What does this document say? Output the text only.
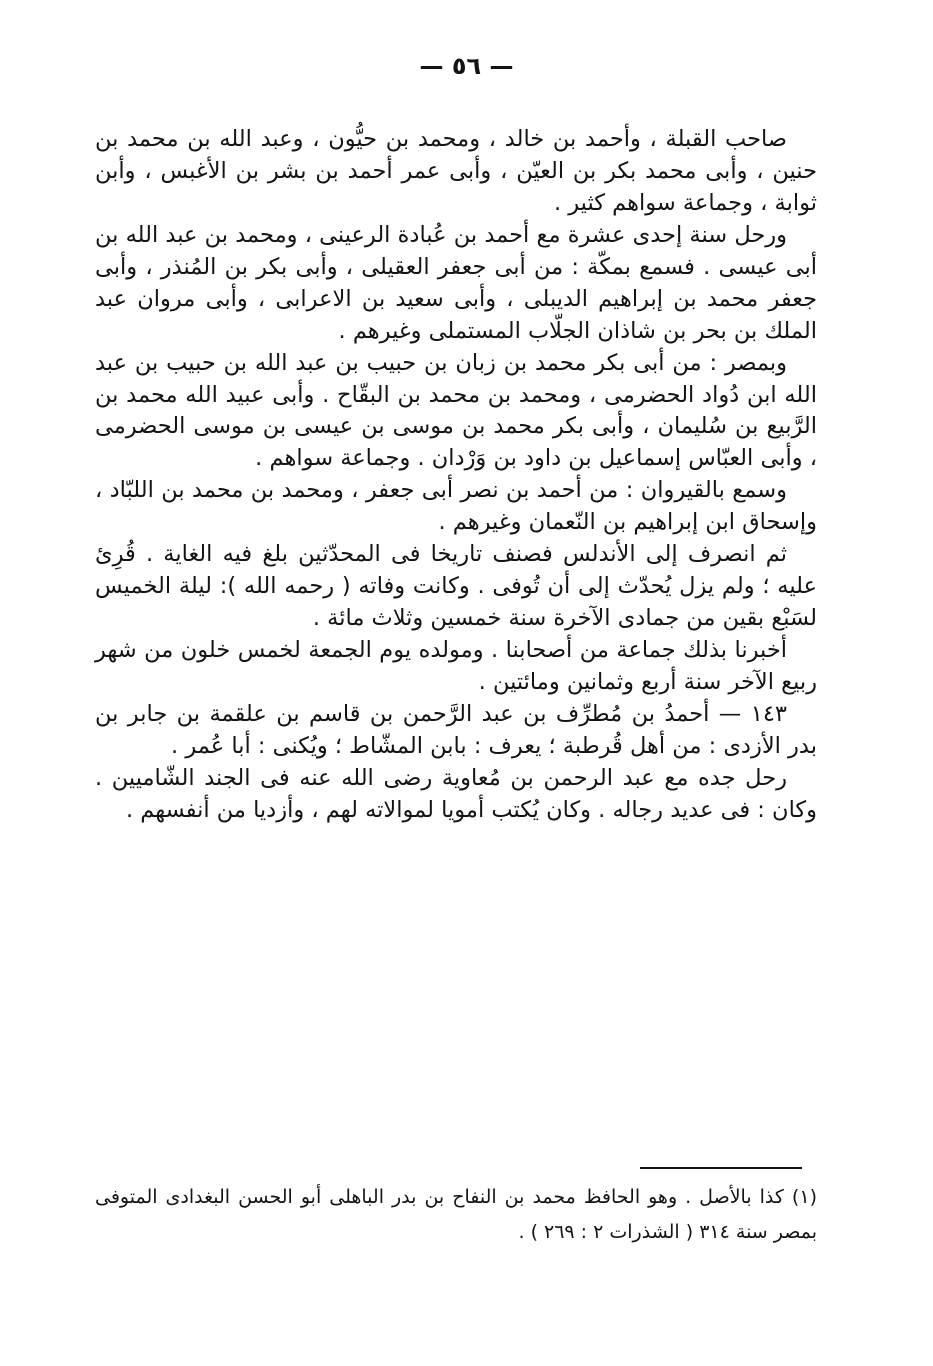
— ٥٦ —

صاحب القبلة ، وأحمد بن خالد ، ومحمد بن حيُّون ، وعبد الله بن محمد بن حنين ، وأبى محمد بكر بن العيّن ، وأبى عمر أحمد بن بشر بن الأغبس ، وأبن ثوابة ، وجماعة سواهم كثير .

ورحل سنة إحدى عشرة مع أحمد بن عُبادة الرعينى ، ومحمد بن عبد الله بن أبى عيسى . فسمع بمكّة : من أبى جعفر العقيلى ، وأبى بكر بن المُنذر ، وأبى جعفر محمد بن إبراهيم الديبلى ، وأبى سعيد بن الاعرابى ، وأبى مروان عبد الملك بن بحر بن شاذان الجلّاب المستملى وغيرهم .

وبمصر : من أبى بكر محمد بن زبان بن حبيب بن عبد الله بن حبيب بن عبد الله ابن دُواد الحضرمى ، ومحمد بن محمد بن البقّاح . وأبى عبيد الله محمد بن الرَّبيع بن سُليمان ، وأبى بكر محمد بن موسى بن عيسى بن موسى الحضرمى ، وأبى العبّاس إسماعيل بن داود بن وَرْدان . وجماعة سواهم .

وسمع بالقيروان : من أحمد بن نصر أبى جعفر ، ومحمد بن محمد بن اللبّاد ، وإسحاق ابن إبراهيم بن النّعمان وغيرهم .

ثم انصرف إلى الأندلس فصنف تاريخا فى المحدّثين بلغ فيه الغاية . قُرِئ عليه ؛ ولم يزل يُحدّث إلى أن تُوفى . وكانت وفاته ( رحمه الله ): ليلة الخميس لسَبْع بقين من جمادى الآخرة سنة خمسين وثلاث مائة .

أخبرنا بذلك جماعة من أصحابنا . ومولده يوم الجمعة لخمس خلون من شهر ربيع الآخر سنة أربع وثمانين ومائتين .

١٤٣ — أحمدُ بن مُطرِّف بن عبد الرَّحمن بن قاسم بن علقمة بن جابر بن بدر الأزدى : من أهل قُرطبة ؛ يعرف : بابن المشّاط ؛ ويُكنى : أبا عُمر .

رحل جده مع عبد الرحمن بن مُعاوية رضى الله عنه فى الجند الشّاميين . وكان : فى عديد رجاله . وكان يُكتب أمويا لموالاته لهم ، وأزديا من أنفسهم .

(١) كذا بالأصل . وهو الحافظ محمد بن النفاح بن بدر الباهلى أبو الحسن البغدادى المتوفى بمصر سنة ٣١٤ ( الشذرات ٢ : ٢٦٩ ) .
